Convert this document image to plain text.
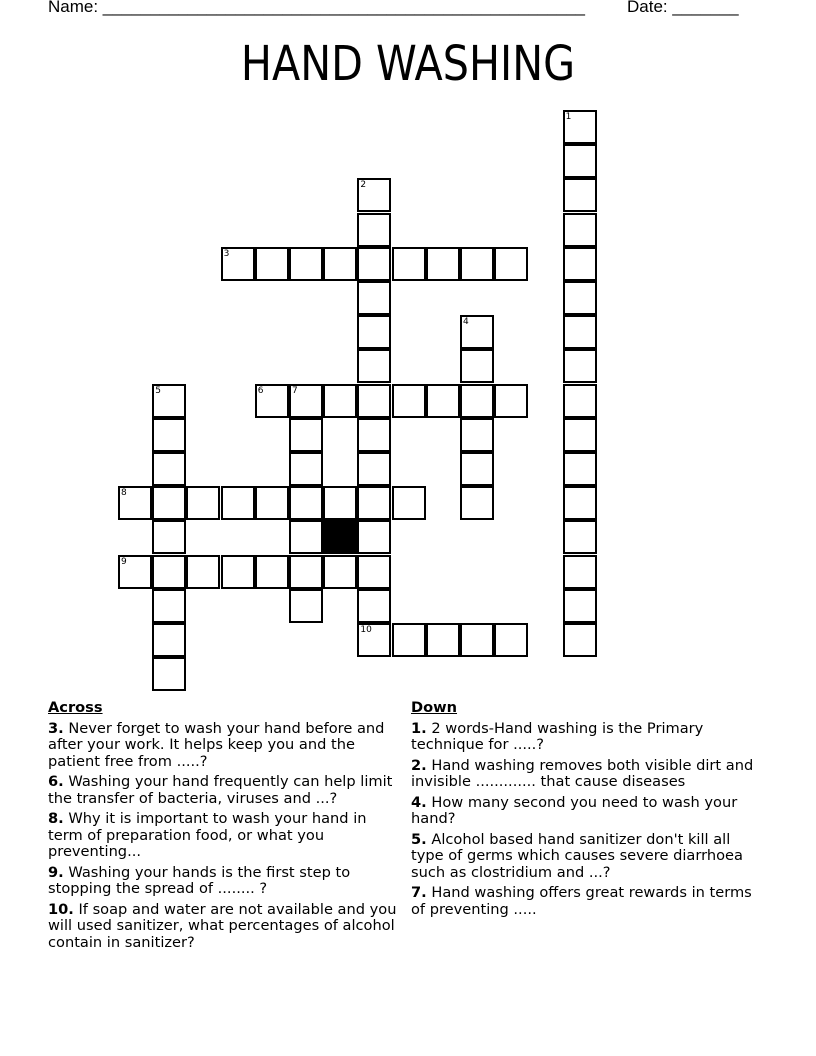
Name: ___________________________________________________

Date: _______

HAND WASHING
1
2
10
3
4
5	6	7
8
9
Across
3. Never forget to wash your hand before and after your work. It helps keep you and the patient free from .....?
6. Washing your hand frequently can help limit the transfer of bacteria, viruses and ...?
8. Why it is important to wash your hand in term of preparation food, or what you preventing...
9. Washing your hands is the first step to stopping the spread of ........ ?
10. If soap and water are not available and you will used sanitizer, what percentages of alcohol contain in sanitizer?
Down
1. 2 words-Hand washing is the Primary technique for .....?
2. Hand washing removes both visible dirt and invisible ............. that cause diseases
4. How many second you need to wash your hand?
5. Alcohol based hand sanitizer don't kill all type of germs which causes severe diarrhoea such as clostridium and ...?
7. Hand washing offers great rewards in terms of preventing .....
